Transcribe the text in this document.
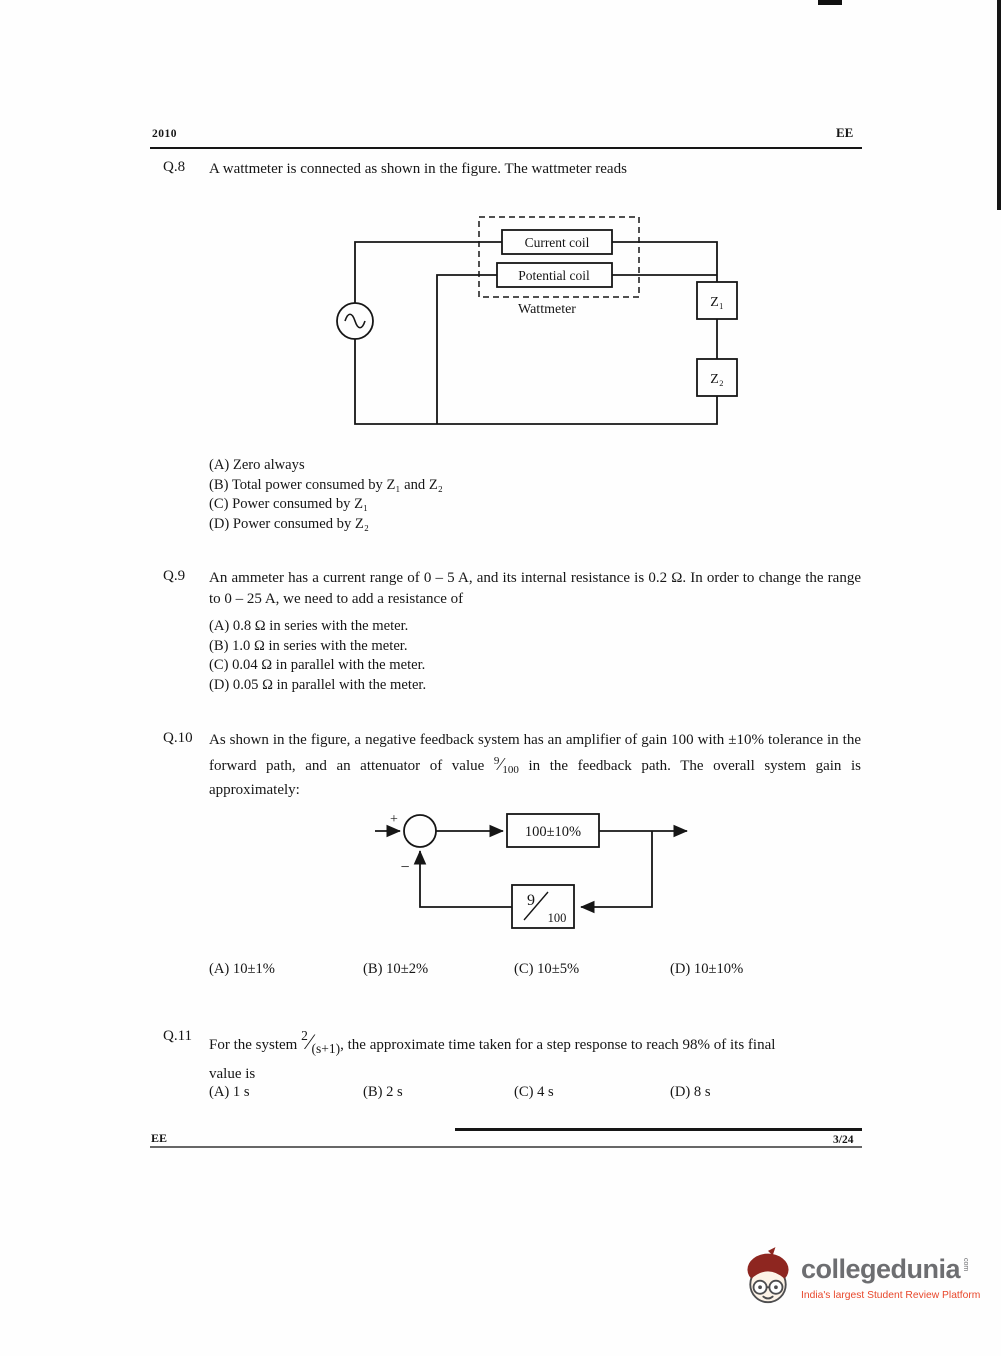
2010	EE
Q.8 A wattmeter is connected as shown in the figure. The wattmeter reads
Current coil
Potential coil
Wattmeter	Z₁
Z₂
(A) Zero always
(B) Total power consumed by Z₁ and Z₂
(C) Power consumed by Z₁
(D) Power consumed by Z₂
Q.9 An ammeter has a current range of 0 – 5 A, and its internal resistance is 0.2 Ω. In order to change the range to 0 – 25 A, we need to add a resistance of
(A) 0.8 Ω in series with the meter.
(B) 1.0 Ω in series with the meter.
(C) 0.04 Ω in parallel with the meter.
(D) 0.05 Ω in parallel with the meter.
Q.10 As shown in the figure, a negative feedback system has an amplifier of gain 100 with ±10% tolerance in the forward path, and an attenuator of value $^9⁄_{100}$ in the feedback path. The overall system gain is approximately:
+
−
100±10%
9
100
(A) 10±1%	(B) 10±2%	(C) 10±5%	(D) 10±10%
Q.11
For the system 2⁄(s+1), the approximate time taken for a step response to reach 98% of its final
value is
(A) 1 s	(B) 2 s	(C) 4 s	(D) 8 s
EE	3/24
collegedunia com
India's largest Student Review Platform
